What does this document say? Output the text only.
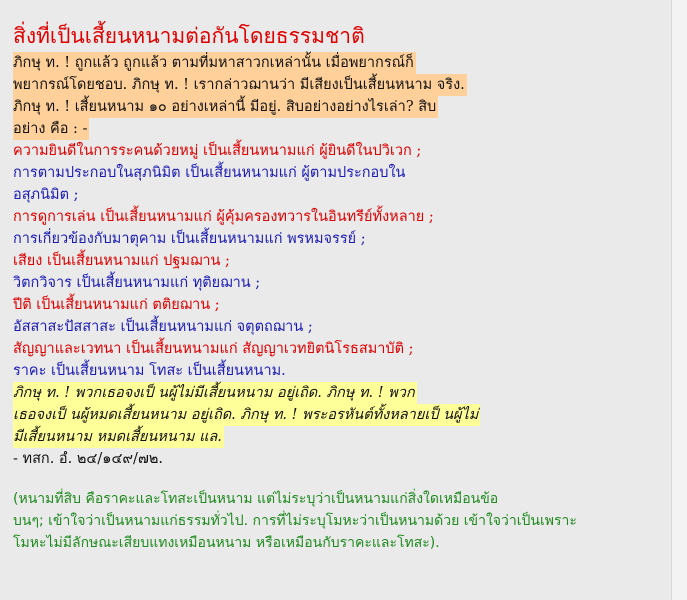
สิ่งที่เป็นเสี้ยนหนามต่อกันโดยธรรมชาติ
ภิกษุ ท. ! ถูกแล้ว ถูกแล้ว ตามที่มหาสาวกเหล่านั้น เมื่อพยากรณ์ก็
พยากรณ์โดยชอบ. ภิกษุ ท. ! เรากล่าวฌานว่า มีเสียงเป็นเสี้ยนหนาม จริง.
ภิกษุ ท. ! เสี้ยนหนาม ๑๐ อย่างเหล่านี้ มีอยู่. สิบอย่างอย่างไรเล่า? สิบ
อย่าง คือ : -
ความยินดีในการระคนด้วยหมู่ เป็นเสี้ยนหนามแก่ ผู้ยินดีในปวิเวก ;
การตามประกอบในสุภนิมิต เป็นเสี้ยนหนามแก่ ผู้ตามประกอบใน
อสุภนิมิต ;
การดูการเล่น เป็นเสี้ยนหนามแก่ ผู้คุ้มครองทวารในอินทรีย์ทั้งหลาย ;
การเกี่ยวข้องกับมาตุคาม เป็นเสี้ยนหนามแก่ พรหมจรรย์ ;
เสียง เป็นเสี้ยนหนามแก่ ปฐมฌาน ;
วิตกวิจาร เป็นเสี้ยนหนามแก่ ทุติยฌาน ;
ปีติ เป็นเสี้ยนหนามแก่ ตติยฌาน ;
อัสสาสะปัสสาสะ เป็นเสี้ยนหนามแก่ จตุตถฌาน ;
สัญญาและเวทนา เป็นเสี้ยนหนามแก่ สัญญาเวทยิตนิโรธสมาบัติ ;
ราคะ เป็นเสี้ยนหนาม โทสะ เป็นเสี้ยนหนาม.
ภิกษุ ท. ! พวกเธอจงเป็ นผู้ไม่มีเสี้ยนหนาม อยู่เถิด. ภิกษุ ท. ! พวก
เธอจงเป็ นผู้หมดเสี้ยนหนาม อยู่เถิด. ภิกษุ ท. ! พระอรหันต์ทั้งหลายเป็ นผู้ไม่
มีเสี้ยนหนาม หมดเสี้ยนหนาม แล.
- ทสก. อํ. ๒๔/๑๔๙/๗๒.
(หนามที่สิบ คือราคะและโทสะเป็นหนาม แต่ไม่ระบุว่าเป็นหนามแก่สิ่งใดเหมือนข้อ
บนๆ; เข้าใจว่าเป็นหนามแก่ธรรมทั่วไป. การที่ไม่ระบุโมหะว่าเป็นหนามด้วย เข้าใจว่าเป็นเพราะ
โมหะไม่มีลักษณะเสียบแทงเหมือนหนาม หรือเหมือนกับราคะและโทสะ).
